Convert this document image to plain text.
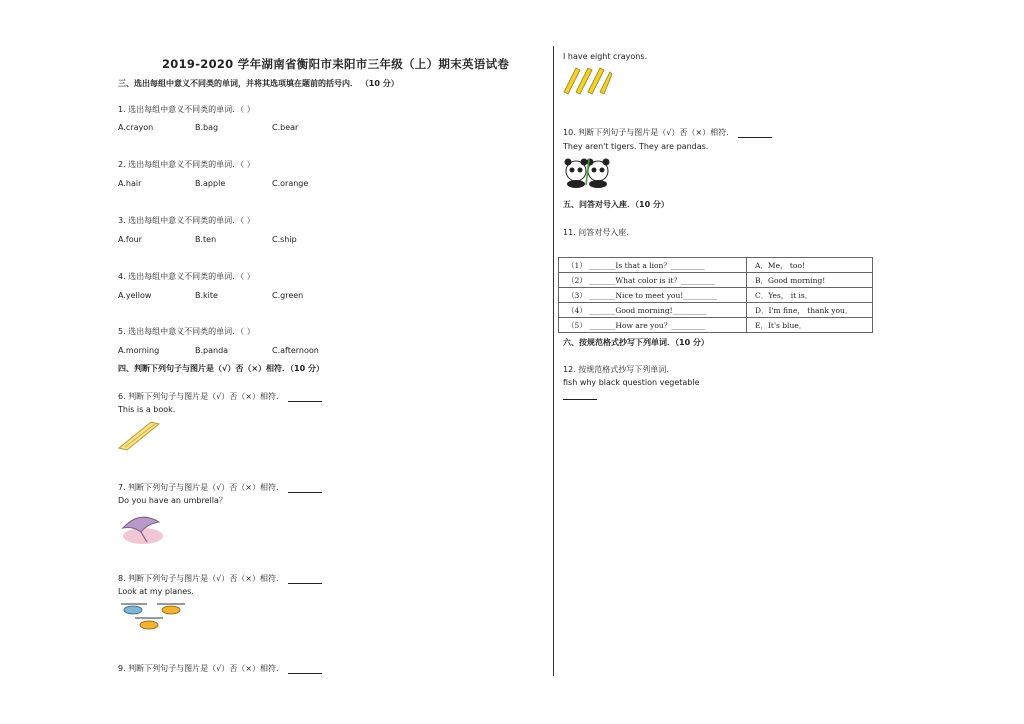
2019-2020 学年湖南省衡阳市耒阳市三年级（上）期末英语试卷
三、选出每组中意义不同类的单词，并将其选项填在题前的括号内． （10 分）
1. 选出每组中意义不同类的单词．（ ）
A.crayon	B.bag	C.bear
2. 选出每组中意义不同类的单词．（ ）
A.hair	B.apple	C.orange
3. 选出每组中意义不同类的单词．（ ）
A.four	B.ten	C.ship
4. 选出每组中意义不同类的单词．（ ）
A.yellow	B.kite	C.green
5. 选出每组中意义不同类的单词．（ ）
A.morning	B.panda	C.afternoon
四、判断下列句子与图片是（√）否（×）相符．（10 分）
6. 判断下列句子与图片是（√）否（×）相符．
This is a book.
7. 判断下列句子与图片是（√）否（×）相符．
Do you have an umbrella？
8. 判断下列句子与图片是（√）否（×）相符．
Look at my planes.
9. 判断下列句子与图片是（√）否（×）相符．
I have eight crayons.
10. 判断下列句子与图片是（√）否（×）相符．
They aren't tigers. They are pandas.
五、问答对号入座．（10 分）
11. 问答对号入座．
（1） _______Is that a lion？_________	A．Me， too!
（2） _______What color is it？_________	B．Good morning!
（3） _______Nice to meet you!_________	C．Yes， it is．
（4） _______Good morning!_________	D．I'm fine， thank you．
（5） _______How are you？_________	E．It's blue．
六、按规范格式抄写下列单词．（10 分）
12. 按规范格式抄写下列单词．
fish why black question vegetable
